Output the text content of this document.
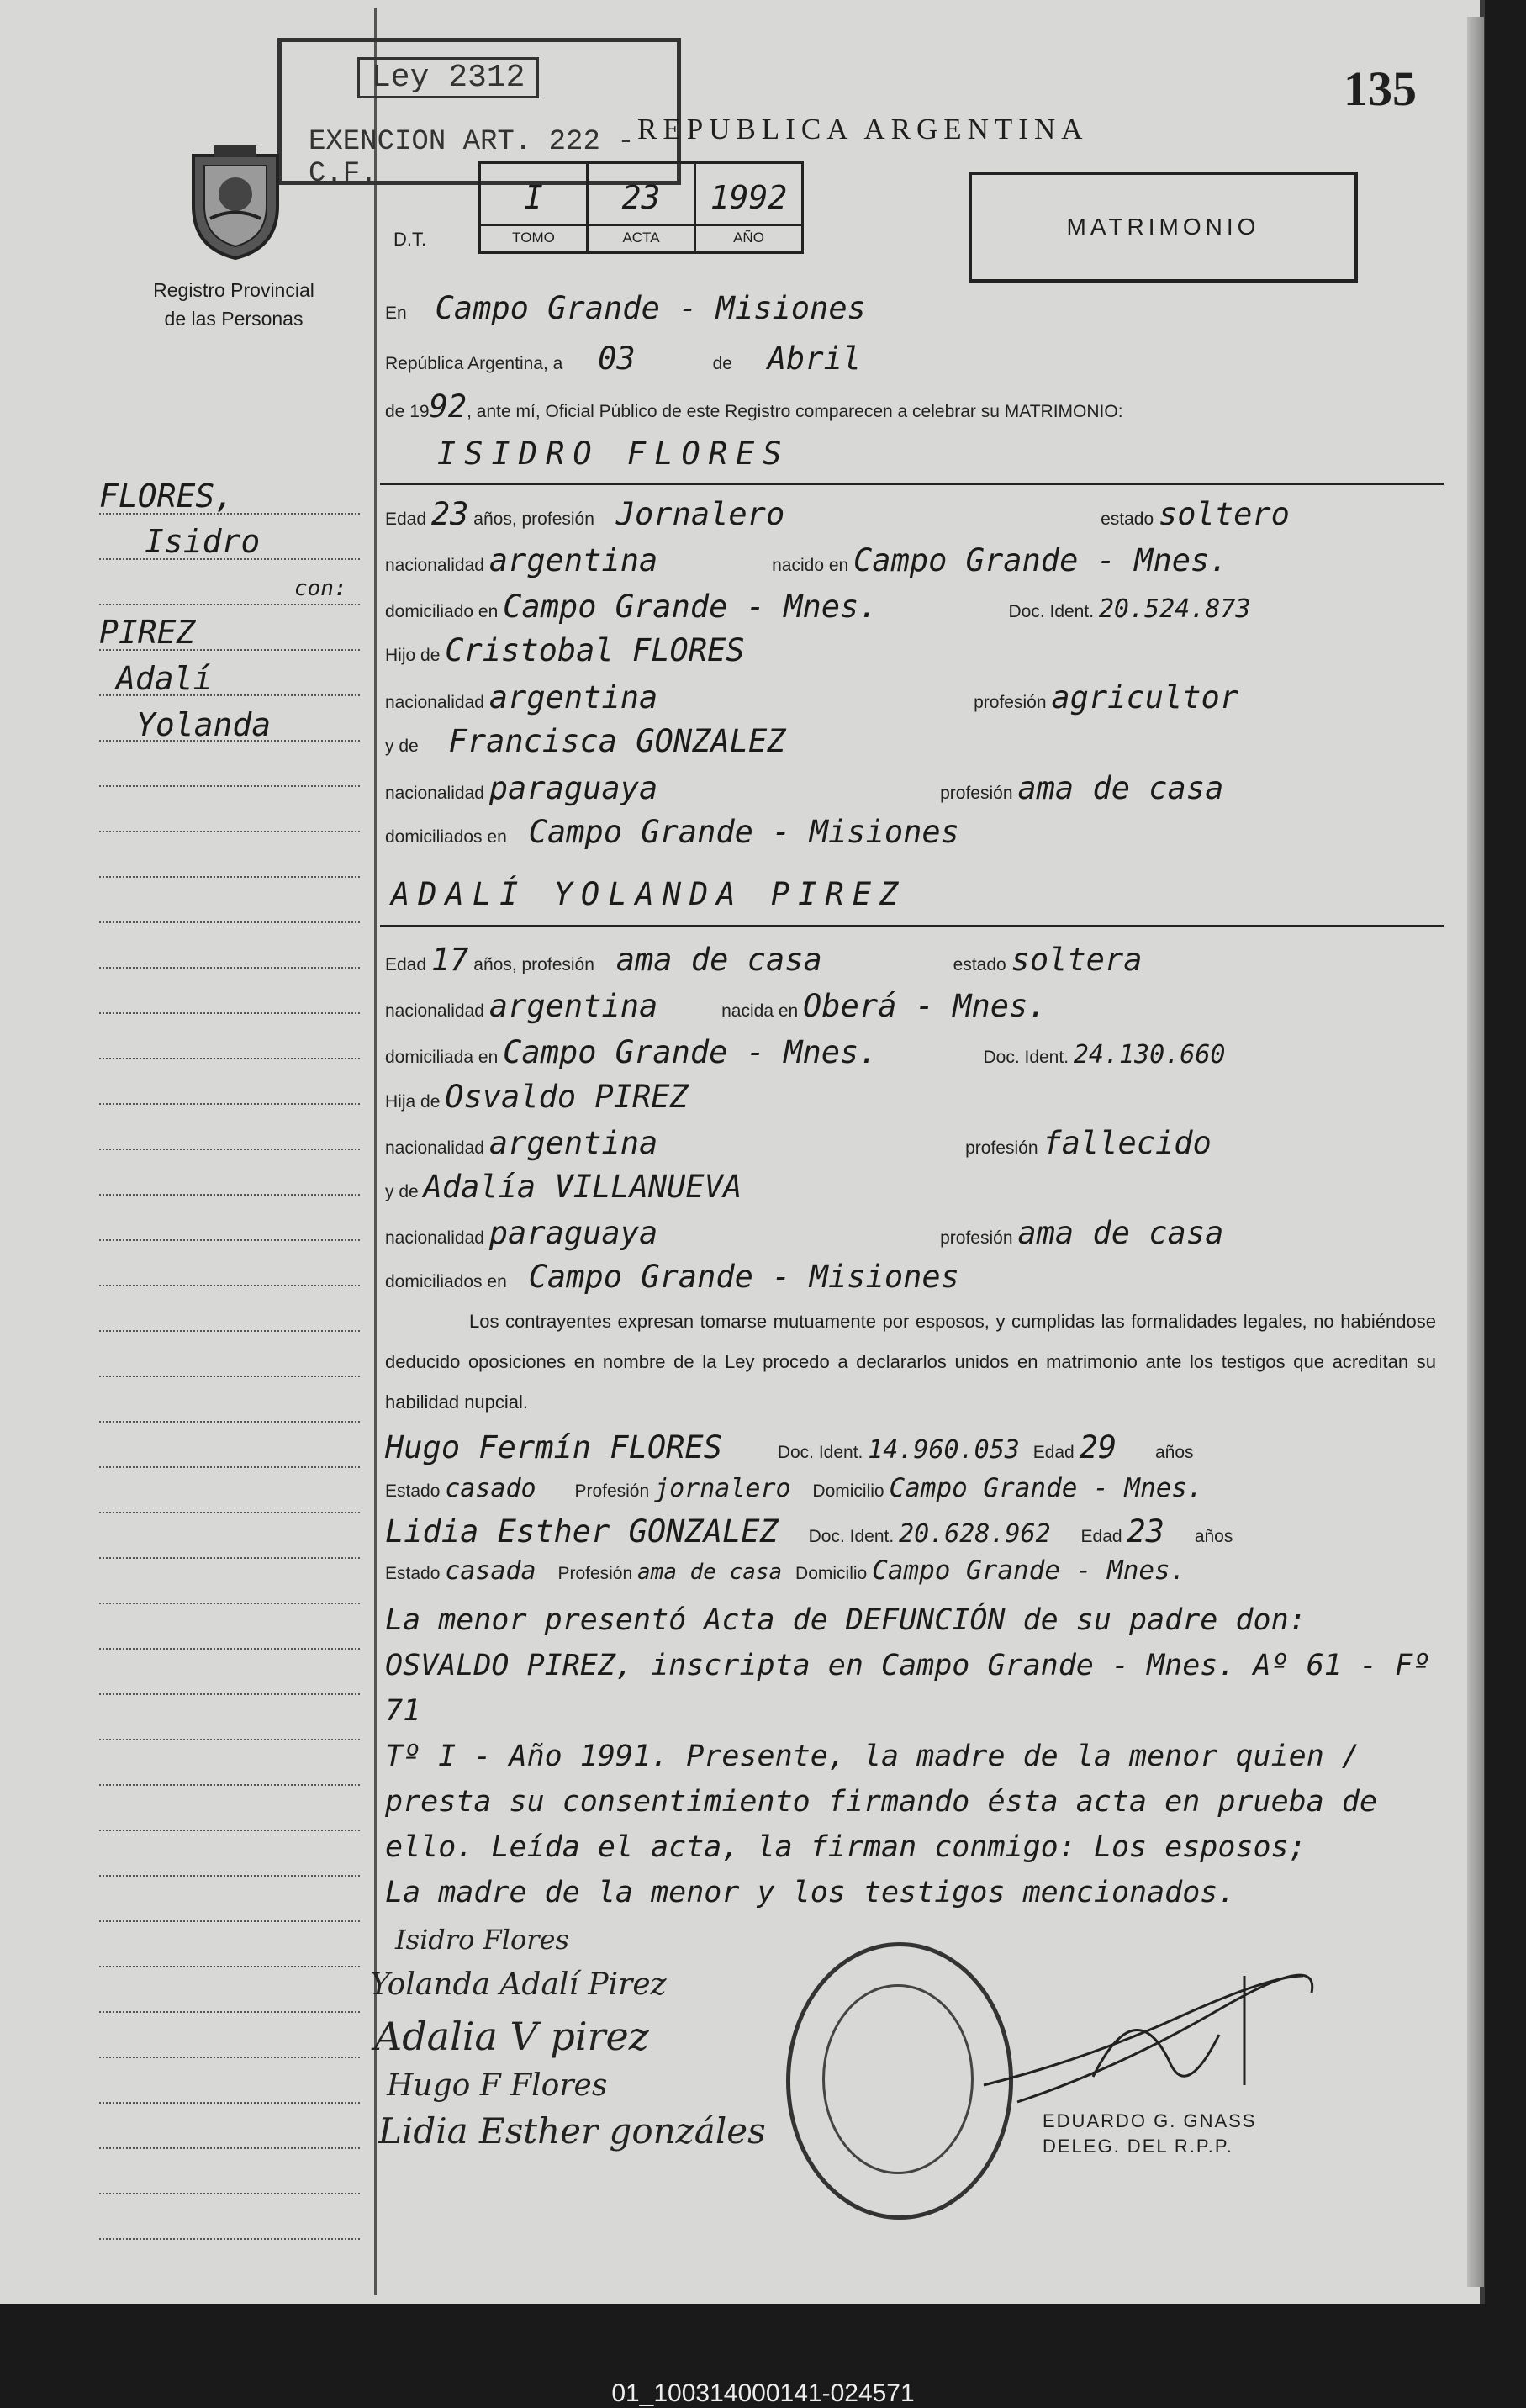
Ley 2312
EXENCION ART. 222 - C.F.
135
REPUBLICA ARGENTINA
Registro Provincial
de las Personas
D.T.
I
TOMO
23
ACTA
1992
AÑO	MATRIMONIO
FLORES,
Isidro
con:
PIREZ
Adalí
Yolanda
En Campo Grande - Misiones
República Argentina, a 03	de Abril
de 1992, ante mí, Oficial Público de este Registro comparecen a celebrar su MATRIMONIO:
ISIDRO FLORES
Edad 23 años, profesión Jornalero	estado soltero
nacionalidad argentina	nacido en Campo Grande - Mnes.
domiciliado en Campo Grande - Mnes.	Doc. Ident. 20.524.873
Hijo de Cristobal FLORES
nacionalidad argentina	profesión agricultor
y de Francisca GONZALEZ
nacionalidad paraguaya	profesión ama de casa
domiciliados en Campo Grande - Misiones
ADALÍ YOLANDA PIREZ
Edad 17 años, profesión ama de casa	estado soltera
nacionalidad argentina	nacida en Oberá - Mnes.
domiciliada en Campo Grande - Mnes.	Doc. Ident. 24.130.660
Hija de Osvaldo PIREZ
nacionalidad argentina	profesión fallecido
y de Adalía VILLANUEVA
nacionalidad paraguaya	profesión ama de casa
domiciliados en Campo Grande - Misiones
Los contrayentes expresan tomarse mutuamente por esposos, y cumplidas las formalidades legales, no habiéndose deducido oposiciones en nombre de la Ley procedo a declararlos unidos en matrimonio ante los testigos que acreditan su habilidad nupcial.
Hugo Fermín FLORES	Doc. Ident. 14.960.053 Edad 29 años
Estado casado Profesión jornalero Domicilio Campo Grande - Mnes.
Lidia Esther GONZALEZ Doc. Ident. 20.628.962 Edad 23 años
Estado casada Profesión ama de casa Domicilio Campo Grande - Mnes.
La menor presentó Acta de DEFUNCIÓN de su padre don:
OSVALDO PIREZ, inscripta en Campo Grande - Mnes. Aº 61 - Fº 71
Tº I - Año 1991. Presente, la madre de la menor quien /
presta su consentimiento firmando ésta acta en prueba de
ello. Leída el acta, la firman conmigo: Los esposos;
La madre de la menor y los testigos mencionados.
Isidro Flores
Yolanda Adalí Pirez
Adalia V pirez
Hugo F Flores
Lidia Esther gonzáles	EDUARDO G. GNASS
DELEG. DEL R.P.P.
01_100314000141-024571
